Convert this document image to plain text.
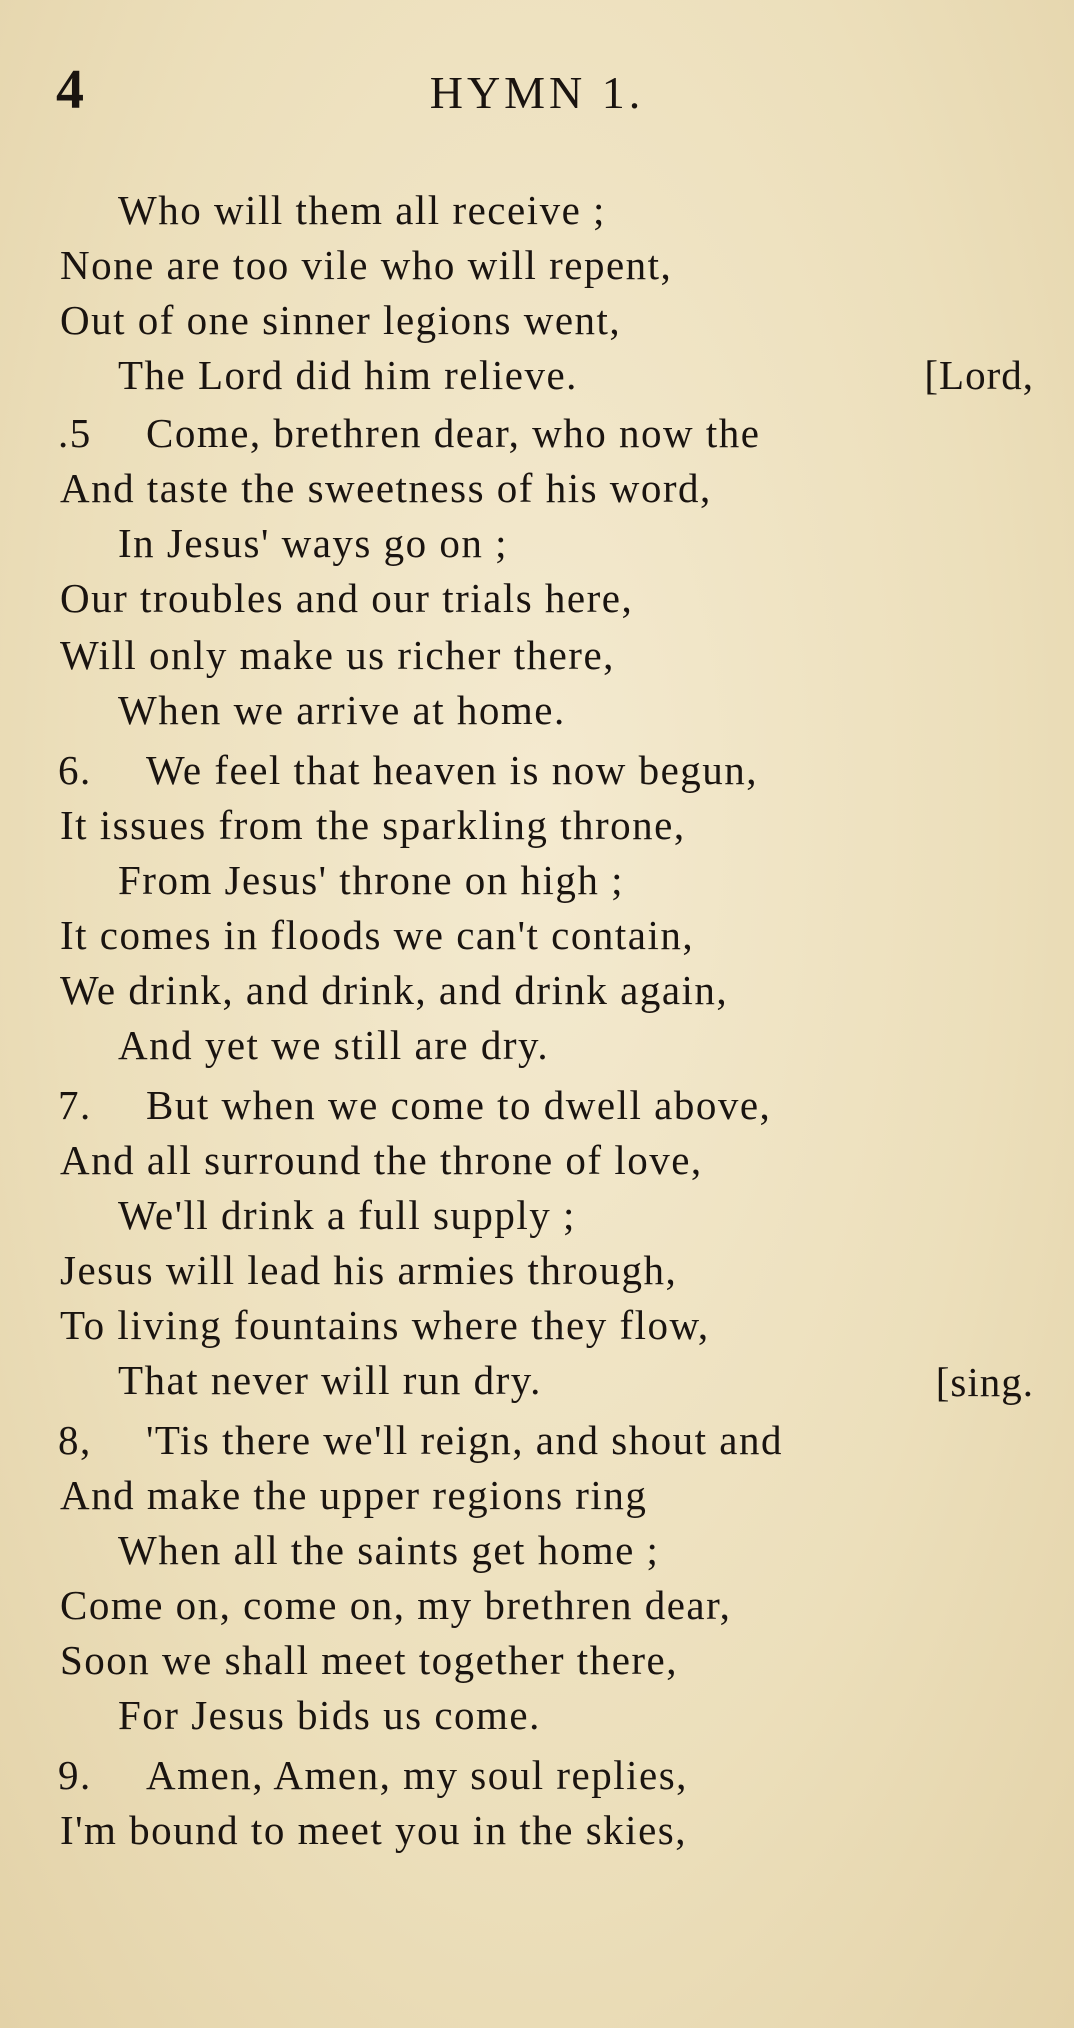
4	HYMN 1.
Who will them all receive ;
None are too vile who will repent,
Out of one sinner legions went,
The Lord did him relieve.
.5 Come, brethren dear, who now the
And taste the sweetness of his word,
In Jesus' ways go on ;
Our troubles and our trials here,
Will only make us richer there,
When we arrive at home.
6. We feel that heaven is now begun,
It issues from the sparkling throne,
From Jesus' throne on high ;
It comes in floods we can't contain,
We drink, and drink, and drink again,
And yet we still are dry.
7. But when we come to dwell above,
And all surround the throne of love,
We'll drink a full supply ;
Jesus will lead his armies through,
To living fountains where they flow,
That never will run dry.
8, 'Tis there we'll reign, and shout and
And make the upper regions ring
When all the saints get home ;
Come on, come on, my brethren dear,
Soon we shall meet together there,
For Jesus bids us come.
9. Amen, Amen, my soul replies,
I'm bound to meet you in the skies,
[Lord,
[sing.
